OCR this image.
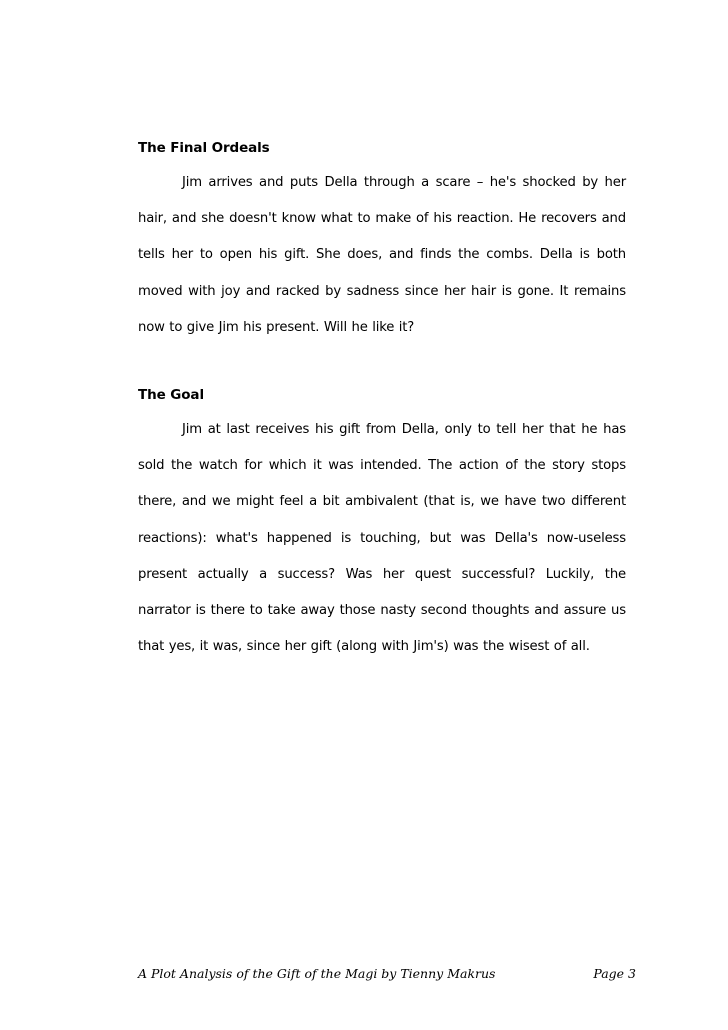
The Final Ordeals

Jim arrives and puts Della through a scare – he's shocked by her hair, and she doesn't know what to make of his reaction. He recovers and tells her to open his gift. She does, and finds the combs. Della is both moved with joy and racked by sadness since her hair is gone. It remains now to give Jim his present. Will he like it?

The Goal

Jim at last receives his gift from Della, only to tell her that he has sold the watch for which it was intended. The action of the story stops there, and we might feel a bit ambivalent (that is, we have two different reactions): what's happened is touching, but was Della's now-useless present actually a success? Was her quest successful? Luckily, the narrator is there to take away those nasty second thoughts and assure us that yes, it was, since her gift (along with Jim's) was the wisest of all.

A Plot Analysis of the Gift of the Magi by Tienny Makrus	Page 3
